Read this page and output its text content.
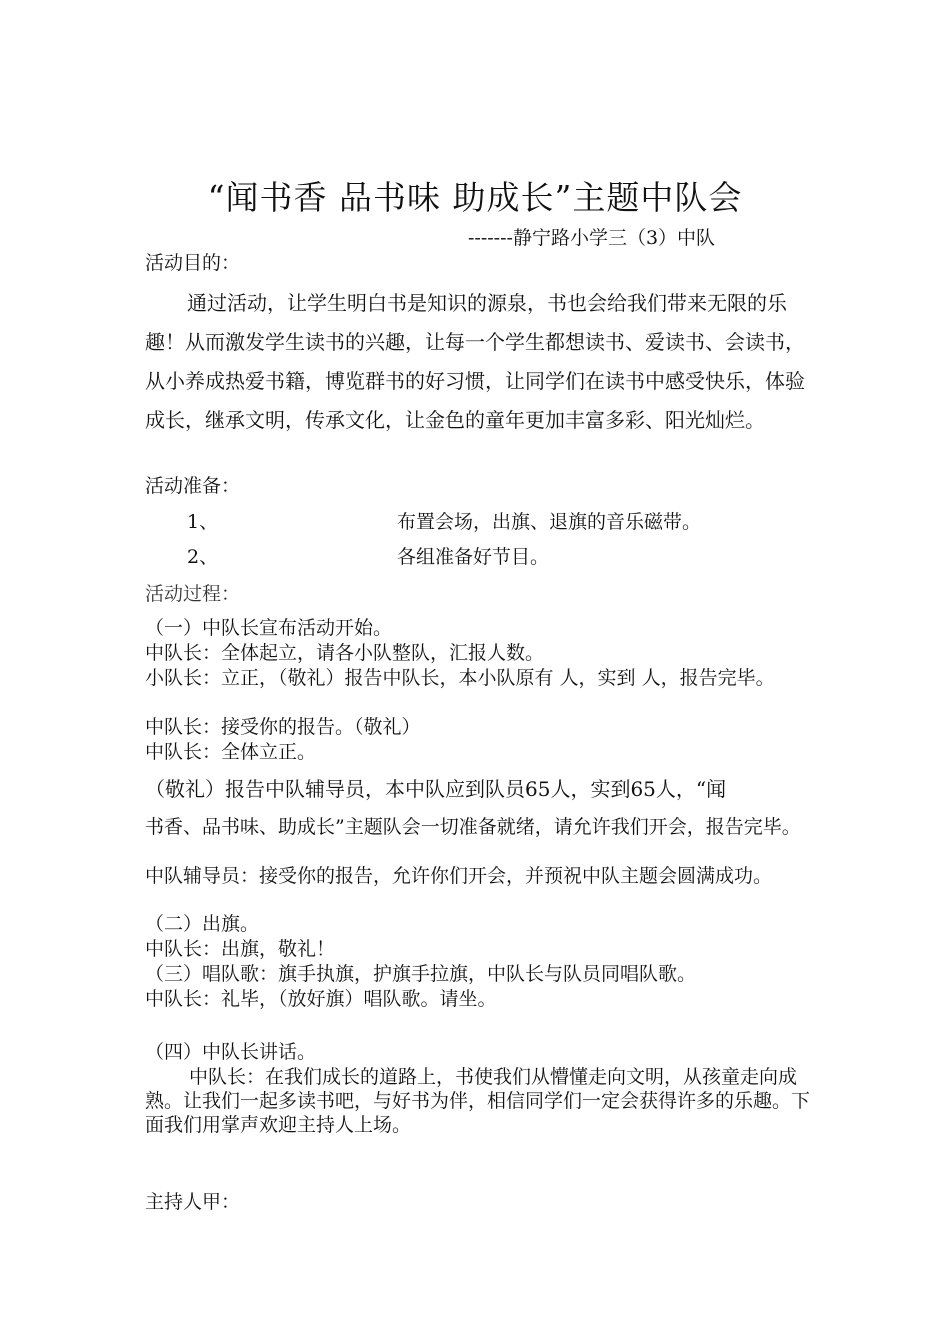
“闻书香 品书味 助成长”主题中队会
-------静宁路小学三（3）中队
活动目的：
通过活动，让学生明白书是知识的源泉，书也会给我们带来无限的乐趣！从而激发学生读书的兴趣，让每一个学生都想读书、爱读书、会读书，从小养成热爱书籍，博览群书的好习惯，让同学们在读书中感受快乐，体验成长，继承文明，传承文化，让金色的童年更加丰富多彩、阳光灿烂。
活动准备：
1、	布置会场，出旗、退旗的音乐磁带。
2、	各组准备好节目。
活动过程：
（一）中队长宣布活动开始。
中队长：全体起立，请各小队整队，汇报人数。
小队长：立正，（敬礼）报告中队长，本小队原有 人，实到 人，报告完毕。
中队长：接受你的报告。（敬礼）
中队长：全体立正。
（敬礼）报告中队辅导员，本中队应到队员65人，实到65人，“闻
书香、品书味、助成长”主题队会一切准备就绪，请允许我们开会，报告完毕。
中队辅导员：接受你的报告，允许你们开会，并预祝中队主题会圆满成功。
（二）出旗。
中队长：出旗，敬礼！
（三）唱队歌：旗手执旗，护旗手拉旗，中队长与队员同唱队歌。
中队长：礼毕，（放好旗）唱队歌。请坐。
（四）中队长讲话。
中队长：在我们成长的道路上，书使我们从懵懂走向文明，从孩童走向成熟。让我们一起多读书吧，与好书为伴，相信同学们一定会获得许多的乐趣。下面我们用掌声欢迎主持人上场。
主持人甲：
